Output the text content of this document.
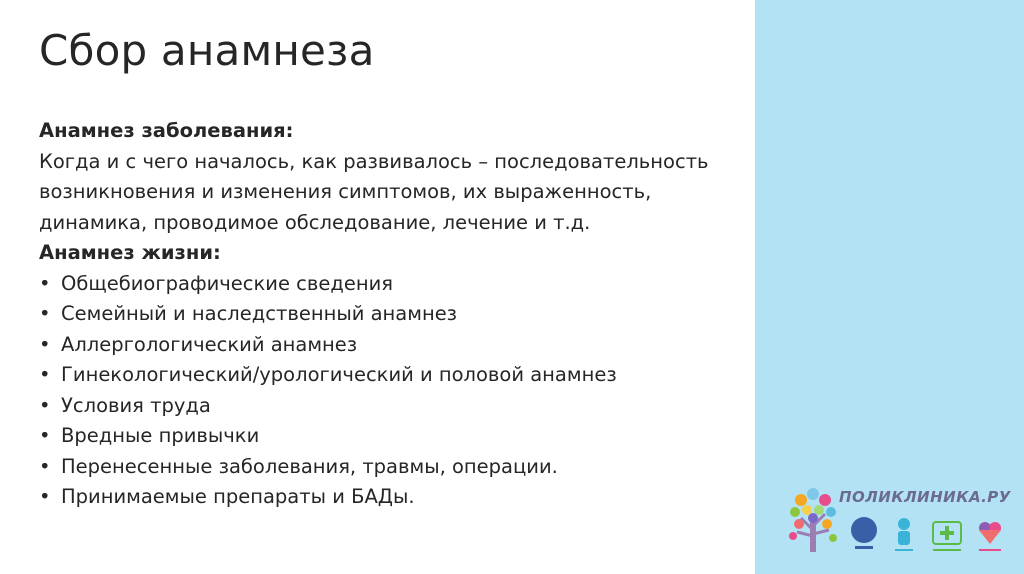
Сбор анамнеза
Анамнез заболевания:

Когда и с чего началось, как развивалось – последовательность возникновения и изменения симптомов, их выраженность, динамика, проводимое обследование, лечение и т.д.

Анамнез жизни:
• Общебиографические сведения
• Семейный и наследственный анамнез
• Аллергологический анамнез
• Гинекологический/урологический и половой анамнез
• Условия труда
• Вредные привычки
• Перенесенные заболевания, травмы, операции.
• Принимаемые препараты и БАДы.	ПОЛИКЛИНИКА.РУ
